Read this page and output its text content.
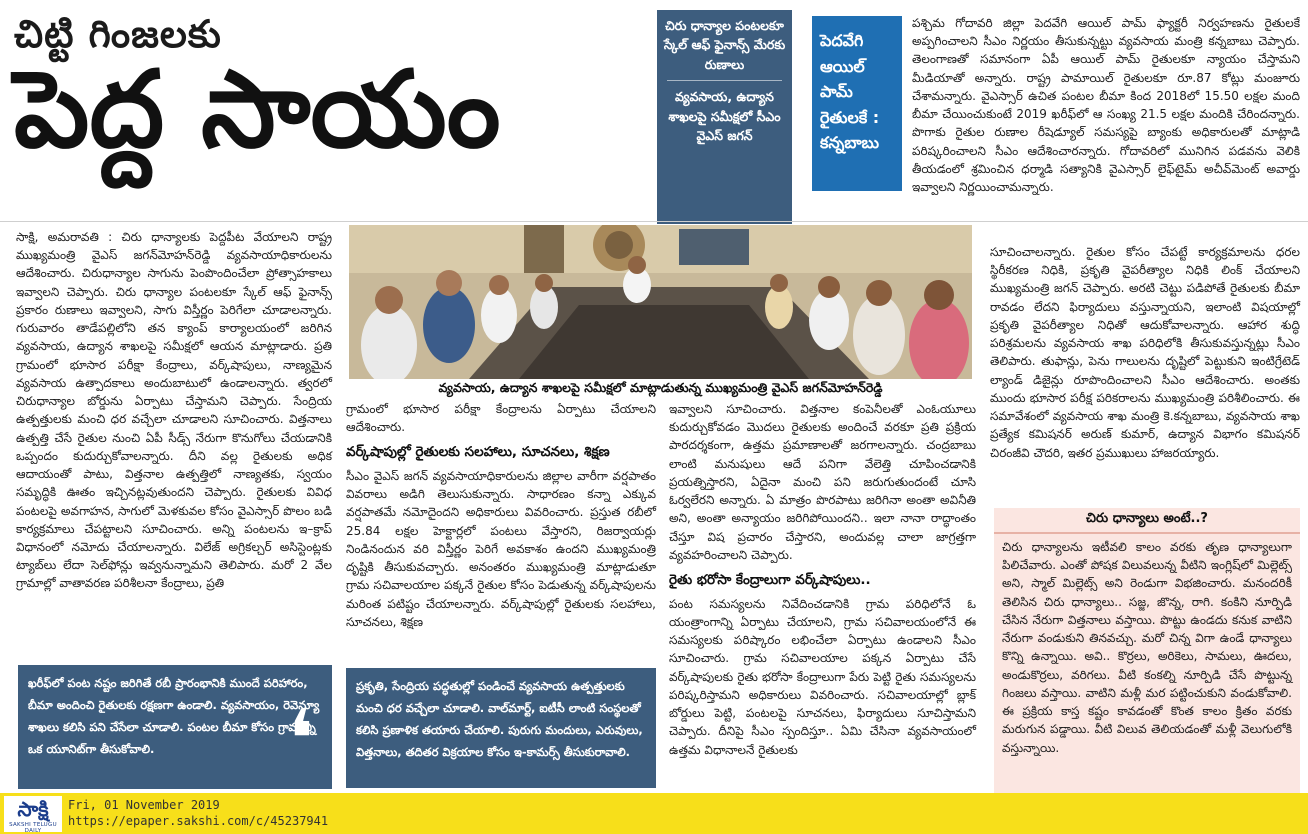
చిట్టి గింజలకు
పెద్ద సాయం
చిరు ధాన్యాల పంటలకూ స్కేల్ ఆఫ్ ఫైనాన్స్ మేరకు రుణాలు
వ్యవసాయ, ఉద్యాన శాఖలపై సమీక్షలో సీఎం వైఎస్ జగన్
పెదవేగి ఆయిల్ పామ్ రైతులకే : కన్నబాబు
పశ్చిమ గోదావరి జిల్లా పెదవేగి ఆయిల్ పామ్ ఫ్యాక్టరీ నిర్వహణను రైతులకే అప్పగించాలని సీఎం నిర్ణయం తీసుకున్నట్టు వ్యవసాయ మంత్రి కన్నబాబు చెప్పారు. తెలంగాణతో సమానంగా ఏపీ ఆయిల్ పామ్ రైతులకూ న్యాయం చేస్తామని మీడియాతో అన్నారు. రాష్ట్ర పామాయిల్ రైతులకూ రూ.87 కోట్లు మంజూరు చేశామన్నారు. వైఎస్సార్ ఉచిత పంటల బీమా కింద 2018లో 15.50 లక్షల మంది బీమా చేయించుకుంటే 2019 ఖరీఫ్‌లో ఆ సంఖ్య 21.5 లక్షల మందికి చేరిందన్నారు. పొగాకు రైతుల రుణాల రీషెడ్యూల్ సమస్యపై బ్యాంకు అధికారులతో మాట్లాడి పరిష్కరించాలని సీఎం ఆదేశించారన్నారు. గోదావరిలో మునిగిన పడవను వెలికి తీయడంలో శ్రమించిన ధర్మాడి సత్యానికి వైఎస్సార్ లైఫ్‌టైమ్ అచీవ్‌మెంట్ అవార్డు ఇవ్వాలని నిర్ణయించామన్నారు.
సాక్షి, అమరావతి : చిరు ధాన్యాలకు పెద్దపీట వేయాలని రాష్ట్ర ముఖ్యమంత్రి వైఎస్ జగన్‌మోహన్‌రెడ్డి వ్యవసాయాధికారులను ఆదేశించారు. చిరుధాన్యాల సాగును పెంపొందించేలా ప్రోత్సాహకాలు ఇవ్వాలని చెప్పారు. చిరు ధాన్యాల పంటలకూ స్కేల్ ఆఫ్ ఫైనాన్స్ ప్రకారం రుణాలు ఇవ్వాలని, సాగు విస్తీర్ణం పెరిగేలా చూడాలన్నారు. గురువారం తాడేపల్లిలోని తన క్యాంప్ కార్యాలయంలో జరిగిన వ్యవసాయ, ఉద్యాన శాఖలపై సమీక్షలో ఆయన మాట్లాడారు. ప్రతి గ్రామంలో భూసార పరీక్షా కేంద్రాలు, వర్క్‌షాపులు, నాణ్యమైన వ్యవసాయ ఉత్పాదకాలు అందుబాటులో ఉండాలన్నారు. త్వరలో చిరుధాన్యాల బోర్డును ఏర్పాటు చేస్తామని చెప్పారు. సేంద్రియ ఉత్పత్తులకు మంచి ధర వచ్చేలా చూడాలని సూచించారు. విత్తనాలు ఉత్పత్తి చేసే రైతుల నుంచి ఏపీ సీడ్స్ నేరుగా కొనుగోలు చేయడానికి ఒప్పందం కుదుర్చుకోవాలన్నారు. దీని వల్ల రైతులకు అధిక ఆదాయంతో పాటు, విత్తనాల ఉత్పత్తిలో నాణ్యతకు, స్వయం సమృద్ధికి ఊతం ఇచ్చినట్లవుతుందని చెప్పారు. రైతులకు వివిధ పంటలపై అవగాహన, సాగులో మెళకువల కోసం వైఎస్సార్ పొలం బడి కార్యక్రమాలు చేపట్టాలని సూచించారు. అన్ని పంటలను ఇ–క్రాప్ విధానంలో నమోదు చేయాలన్నారు. విలేజ్ అగ్రికల్చర్ అసిస్టెంట్లకు ట్యాబ్‌లు లేదా సెల్‌ఫోన్లు ఇవ్వనున్నామని తెలిపారు. మరో 2 వేల గ్రామాల్లో వాతావరణ పరిశీలనా కేంద్రాలు, ప్రతి
వ్యవసాయ, ఉద్యాన శాఖలపై సమీక్షలో మాట్లాడుతున్న ముఖ్యమంత్రి వైఎస్ జగన్‌మోహన్‌రెడ్డి
గ్రామంలో భూసార పరీక్షా కేంద్రాలను ఏర్పాటు చేయాలని ఆదేశించారు.
వర్క్‌షాపుల్లో రైతులకు సలహాలు, సూచనలు, శిక్షణ
సీఎం వైఎస్ జగన్ వ్యవసాయాధికారులను జిల్లాల వారీగా వర్షపాతం వివరాలు అడిగి తెలుసుకున్నారు. సాధారణం కన్నా ఎక్కువ వర్షపాతమే నమోదైందని అధికారులు వివరించారు. ప్రస్తుత రబీలో 25.84 లక్షల హెక్టార్లలో పంటలు వేస్తారని, రిజర్వాయర్లు నిండినందున వరి విస్తీర్ణం పెరిగే అవకాశం ఉందని ముఖ్యమంత్రి దృష్టికి తీసుకువచ్చారు. అనంతరం ముఖ్యమంత్రి మాట్లాడుతూ గ్రామ సచివాలయాల పక్కనే రైతుల కోసం పెడుతున్న వర్క్‌షాపులను మరింత పటిష్టం చేయాలన్నారు. వర్క్‌షాపుల్లో రైతులకు సలహాలు, సూచనలు, శిక్షణ
ఇవ్వాలని సూచించారు. విత్తనాల కంపెనీలతో ఎంఓయూలు కుదుర్చుకోవడం మొదలు రైతులకు అందించే వరకూ ప్రతి ప్రక్రియ పారదర్శకంగా, ఉత్తమ ప్రమాణాలతో జరగాలన్నారు. చంద్రబాబు లాంటి మనుషులు ఆదే పనిగా వేలెత్తి చూపించడానికి ప్రయత్నిస్తారని, ఏదైనా మంచి పని జరుగుతుందంటే చూసి ఓర్వలేరని అన్నారు. ఏ మాత్రం పొరపాటు జరిగినా అంతా అవినీతి అని, అంతా అన్యాయం జరిగిపోయిందని.. ఇలా నానా రాద్ధాంతం చేస్తూ విష ప్రచారం చేస్తారని, అందువల్ల చాలా జాగ్రత్తగా వ్యవహరించాలని చెప్పారు.
రైతు భరోసా కేంద్రాలుగా వర్క్‌షాపులు..
పంట సమస్యలను నివేదించడానికి గ్రామ పరిధిలోనే ఓ యంత్రాంగాన్ని ఏర్పాటు చేయాలని, గ్రామ సచివాలయంలోనే ఈ సమస్యలకు పరిష్కారం లభించేలా ఏర్పాటు ఉండాలని సీఎం సూచించారు. గ్రామ సచివాలయాల పక్కన ఏర్పాటు చేసే వర్క్‌షాపులకు రైతు భరోసా కేంద్రాలుగా పేరు పెట్టి రైతు సమస్యలను పరిష్కరిస్తామని అధికారులు వివరించారు. సచివాలయాల్లో బ్లాక్ బోర్డులు పెట్టి, పంటలపై సూచనలు, ఫిర్యాదులు సూచిస్తామని చెప్పారు. దీనిపై సీఎం స్పందిస్తూ.. ఏమి చేసినా వ్యవసాయంలో ఉత్తమ విధానాలనే రైతులకు
సూచించాలన్నారు. రైతుల కోసం చేపట్టే కార్యక్రమాలను ధరల స్థిరీకరణ నిధికి, ప్రకృతి వైపరీత్యాల నిధికి లింక్ చేయాలని ముఖ్యమంత్రి జగన్ చెప్పారు. అరటి చెట్టు పడిపోతే రైతులకు బీమా రావడం లేదని ఫిర్యాదులు వస్తున్నాయని, ఇలాంటి విషయాల్లో ప్రకృతి వైపరీత్యాల నిధితో ఆదుకోవాలన్నారు. ఆహార శుద్ధి పరిశ్రమలను వ్యవసాయ శాఖ పరిధిలోకి తీసుకువస్తున్నట్లు సీఎం తెలిపారు. తుఫాన్లు, పెను గాలులను దృష్టిలో పెట్టుకుని ఇంటిగ్రేటెడ్ ల్యాండ్ డిజైన్లు రూపొందించాలని సీఎం ఆదేశించారు. అంతకు ముందు భూసార పరీక్ష పరికరాలను ముఖ్యమంత్రి పరిశీలించారు. ఈ సమావేశంలో వ్యవసాయ శాఖ మంత్రి కె.కన్నబాబు, వ్యవసాయ శాఖ ప్రత్యేక కమిషనర్ అరుణ్ కుమార్, ఉద్యాన విభాగం కమిషనర్ చిరంజీవి చౌదరి, ఇతర ప్రముఖులు హాజరయ్యారు.
చిరు ధాన్యాలు అంటే..?
చిరు ధాన్యాలను ఇటీవలి కాలం వరకు తృణ ధాన్యాలుగా పిలిచేవారు. ఎంతో పోషక విలువలున్న వీటిని ఇంగ్లిష్‌లో మిల్లెట్స్ అని, స్మాల్ మిల్లెట్స్ అని రెండుగా విభజించారు. మనందరికీ తెలిసిన చిరు ధాన్యాలు.. సజ్జ, జొన్న, రాగి. కంకిని నూర్పిడి చేసిన నేరుగా విత్తనాలు వస్తాయి. పొట్టు ఉండదు కనుక వాటిని నేరుగా వండుకుని తినవచ్చు. మరో చిన్న విగా ఉండే ధాన్యాలు కొన్ని ఉన్నాయి. అవి.. కొర్రలు, అరికెలు, సామలు, ఊదలు, అండుకొర్రలు, వరిగలు. వీటి కంకల్ని నూర్పిడి చేసే పొట్టున్న గింజలు వస్తాయి. వాటిని మళ్లీ మర పట్టించుకుని వండుకోవాలి. ఈ ప్రక్రియ కాస్త కష్టం కావడంతో కొంత కాలం క్రితం వరకు మరుగున పడ్డాయి. వీటి విలువ తెలియడంతో మళ్లీ వెలుగులోకి వస్తున్నాయి.
ఖరీఫ్‌లో పంట నష్టం జరిగితే రబీ ప్రారంభానికి ముందే పరిహారం, బీమా అందించి రైతులకు రక్షణగా ఉండాలి. వ్యవసాయం, రెవెన్యూ శాఖలు కలిసి పని చేసేలా చూడాలి. పంటల బీమా కోసం గ్రామాన్ని ఒక యూనిట్‌గా తీసుకోవాలి.	❛
ప్రకృతి, సేంద్రియ పద్ధతుల్లో పండించే వ్యవసాయ ఉత్పత్తులకు మంచి ధర వచ్చేలా చూడాలి. వాల్‌మార్ట్, ఐటీసీ లాంటి సంస్థలతో కలిసి ప్రణాళిక తయారు చేయాలి. పురుగు మందులు, ఎరువులు, విత్తనాలు, తదితర విక్రయాల కోసం ఇ-కామర్స్ తీసుకురావాలి.
సాక్షి
SAKSHI TELUGU DAILY
Fri, 01 November 2019
https://epaper.sakshi.com/c/45237941
